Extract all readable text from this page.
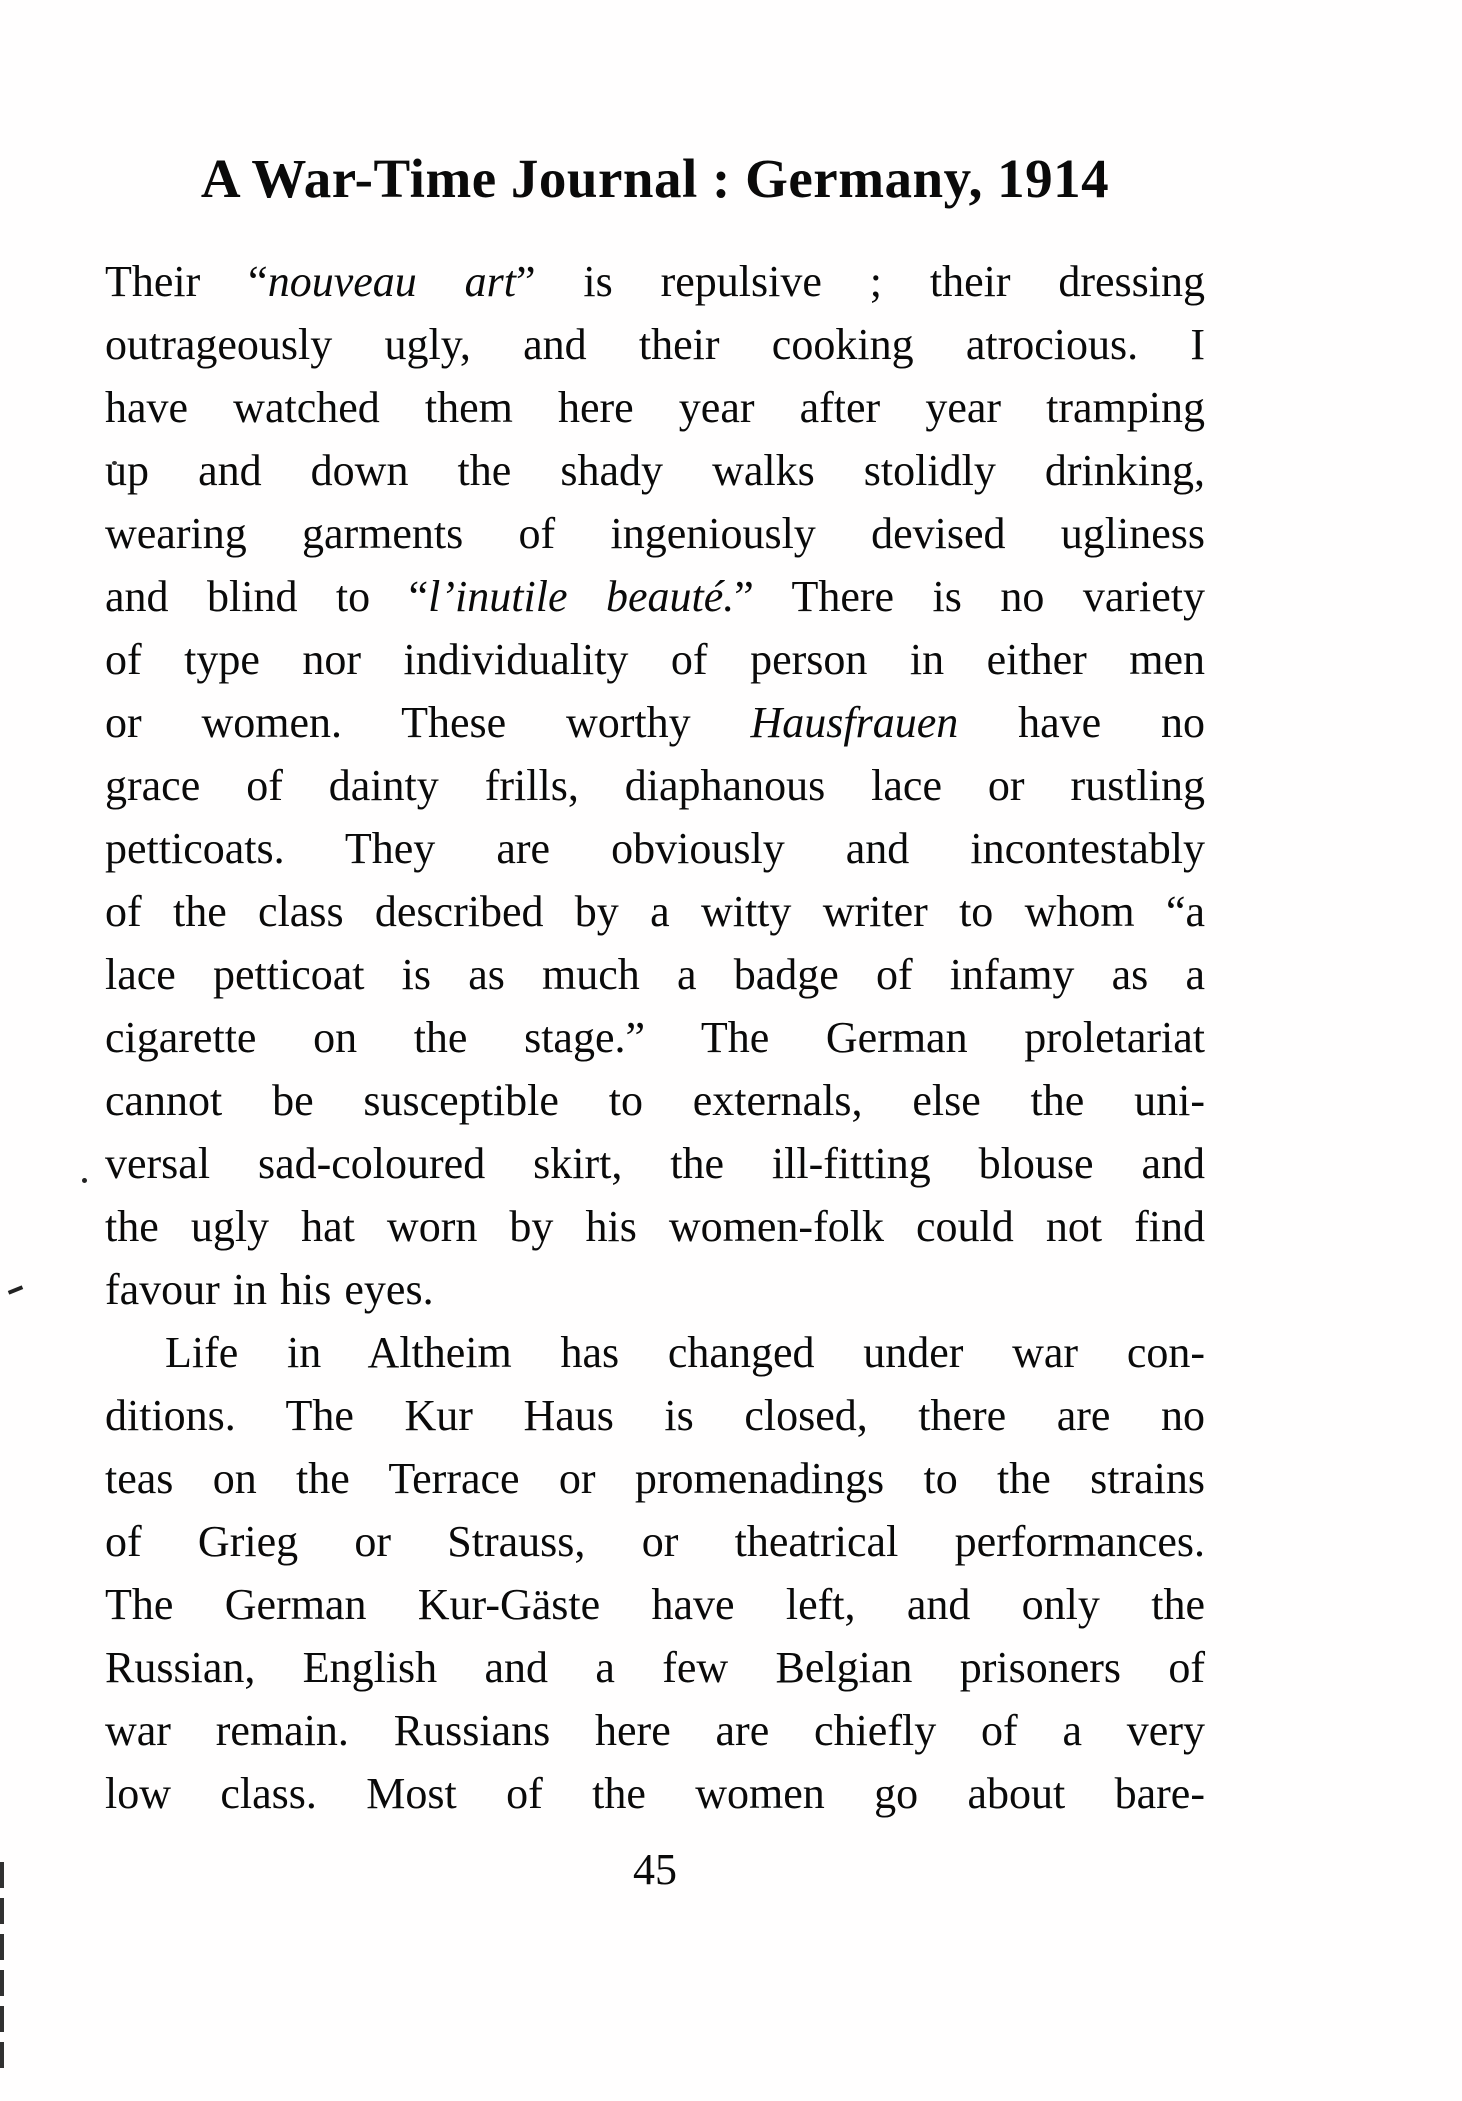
A War-Time Journal : Germany, 1914
Their “nouveau art” is repulsive ; their dressing
outrageously ugly, and their cooking atrocious. I
have watched them here year after year tramping
up and down the shady walks stolidly drinking,
wearing garments of ingeniously devised ugliness
and blind to “l’inutile beauté.” There is no variety
of type nor individuality of person in either men
or women. These worthy Hausfrauen have no
grace of dainty frills, diaphanous lace or rustling
petticoats. They are obviously and incontestably
of the class described by a witty writer to whom “a
lace petticoat is as much a badge of infamy as a
cigarette on the stage.” The German proletariat
cannot be susceptible to externals, else the uni-
versal sad-coloured skirt, the ill-fitting blouse and
the ugly hat worn by his women-folk could not find
favour in his eyes.
Life in Altheim has changed under war con-
ditions. The Kur Haus is closed, there are no
teas on the Terrace or promenadings to the strains
of Grieg or Strauss, or theatrical performances.
The German Kur-Gäste have left, and only the
Russian, English and a few Belgian prisoners of
war remain. Russians here are chiefly of a very
low class. Most of the women go about bare-
45
